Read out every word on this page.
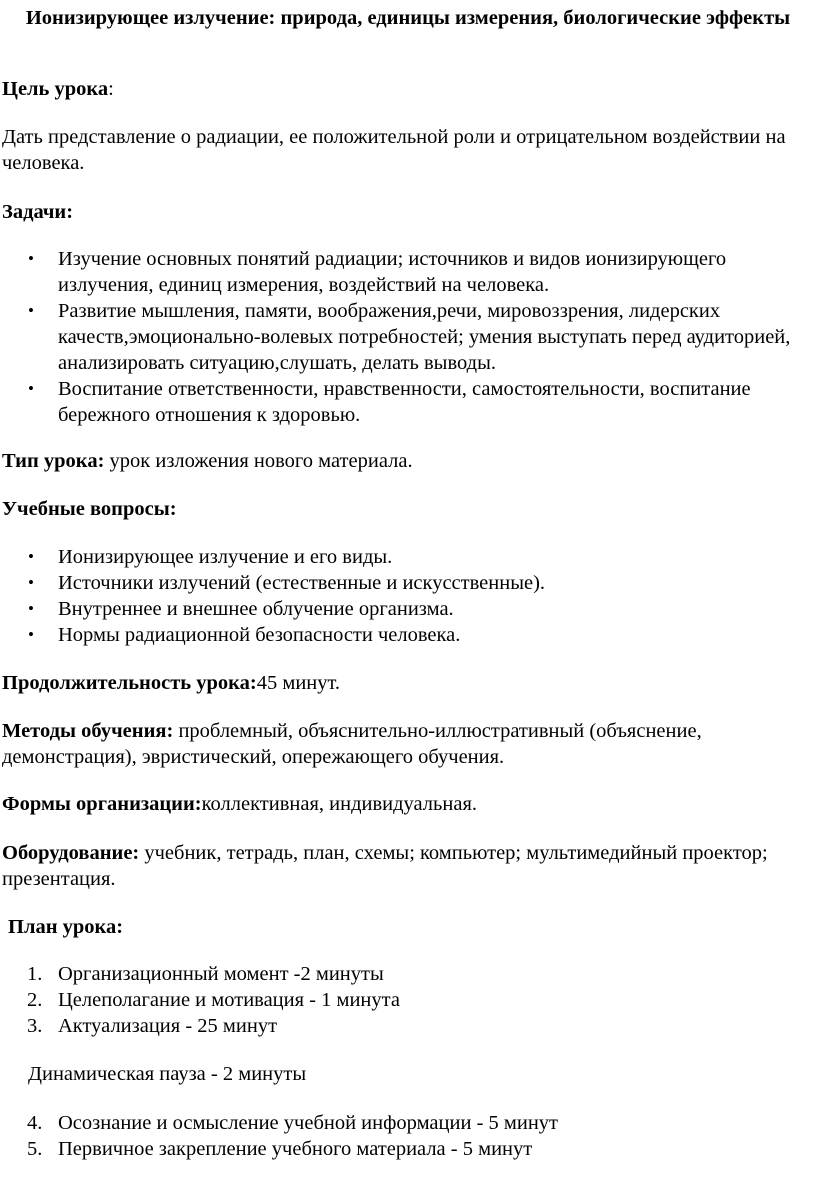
Ионизирующее излучение: природа, единицы измерения, биологические эффекты
Цель урока:
Дать представление о радиации, ее положительной роли и отрицательном воздействии на человека.
Задачи:
• Изучение основных понятий радиации; источников и видов ионизирующего излучения, единиц измерения, воздействий на человека.
• Развитие мышления, памяти, воображения,речи, мировоззрения, лидерских качеств,эмоционально-волевых потребностей; умения выступать перед аудиторией, анализировать ситуацию,слушать, делать выводы.
• Воспитание ответственности, нравственности, самостоятельности, воспитание бережного отношения к здоровью.
Тип урока: урок изложения нового материала.
Учебные вопросы:
• Ионизирующее излучение и его виды.
• Источники излучений (естественные и искусственные).
• Внутреннее и внешнее облучение организма.
• Нормы радиационной безопасности человека.
Продолжительность урока:45 минут.
Методы обучения: проблемный, объяснительно-иллюстративный (объяснение, демонстрация), эвристический, опережающего обучения.
Формы организации:коллективная, индивидуальная.
Оборудование: учебник, тетрадь, план, схемы; компьютер; мультимедийный проектор; презентация.
План урока:
1. Организационный момент -2 минуты
2. Целеполагание и мотивация - 1 минута
3. Актуализация - 25 минут
Динамическая пауза - 2 минуты
4. Осознание и осмысление учебной информации - 5 минут
5. Первичное закрепление учебного материала - 5 минут
